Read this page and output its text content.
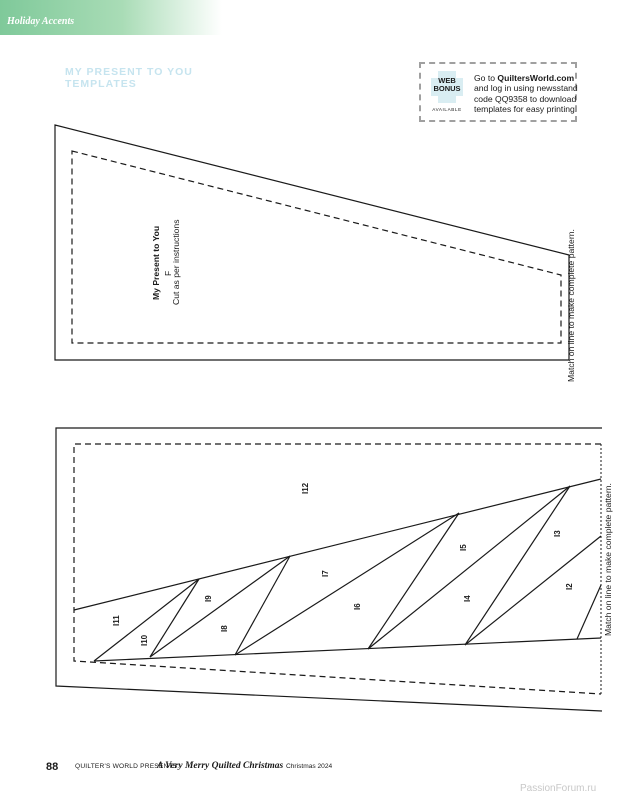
Holiday Accents
MY PRESENT TO YOU
TEMPLATES	WEB
BONUS
AVAILABLE
Go to QuiltersWorld.com
and log in using newsstand
code QQ9358 to download
templates for easy printing.
Match on line to make complete pattern.
My Present to You F
Cut as per instructions
Match on line to make complete pattern.
I12
I11
I10
I9
I8
I7
I6
I5
I4
I3
I2
88	QUILTER'S WORLD PRESENTS:
A Very Merry Quilted Christmas Christmas 2024
PassionForum.ru
